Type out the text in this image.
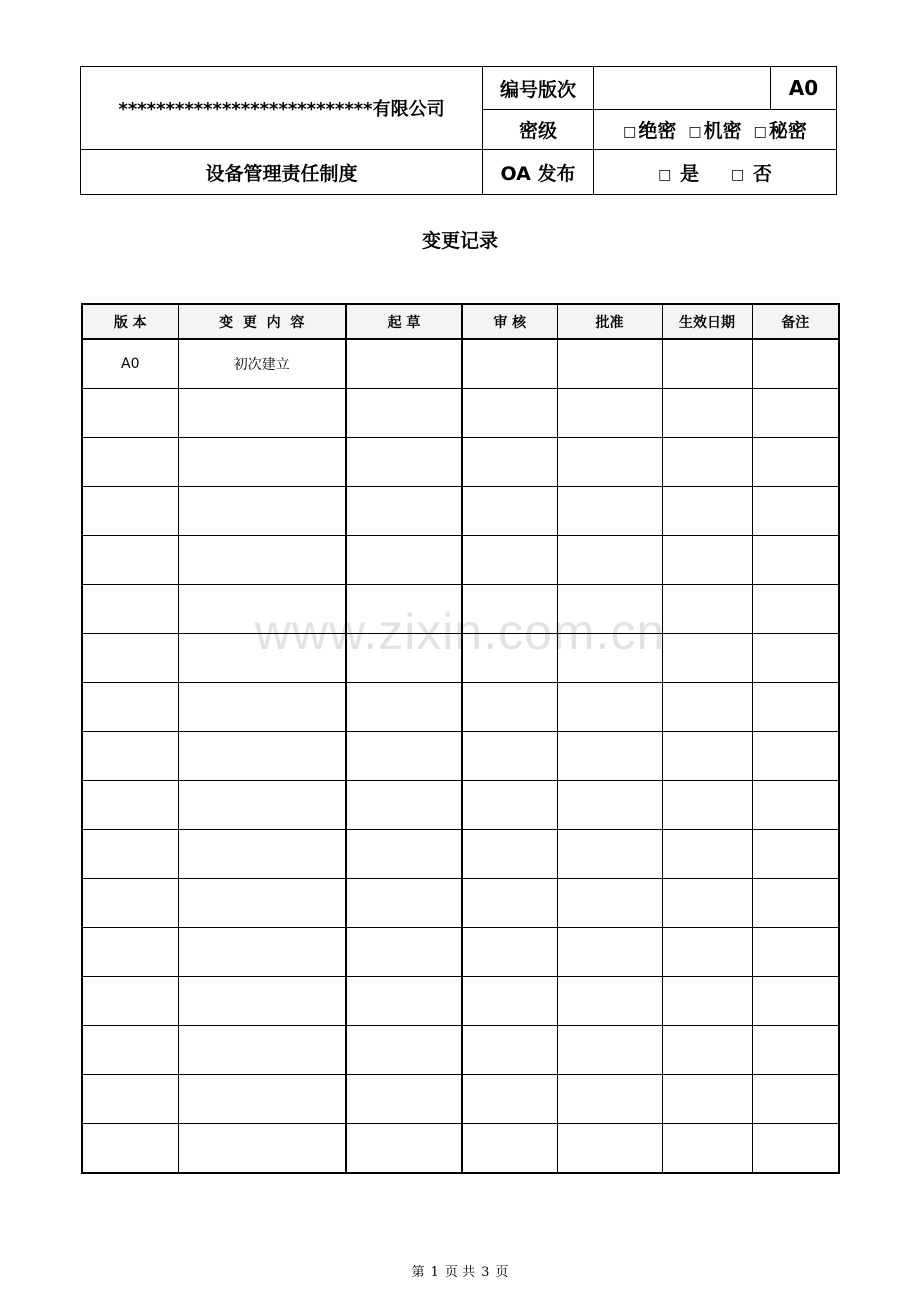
***************************有限公司	编号版次		A0
	密级	□ 绝密 □ 机密 □ 秘密	
设备管理责任制度	OA 发布	□ 是 □ 否	
变更记录
www.zixin.com.cn
版 本	变  更  内  容	起 草	审 核	批准	生效日期	备注
A0	初次建立					

第 1 页 共 3 页
